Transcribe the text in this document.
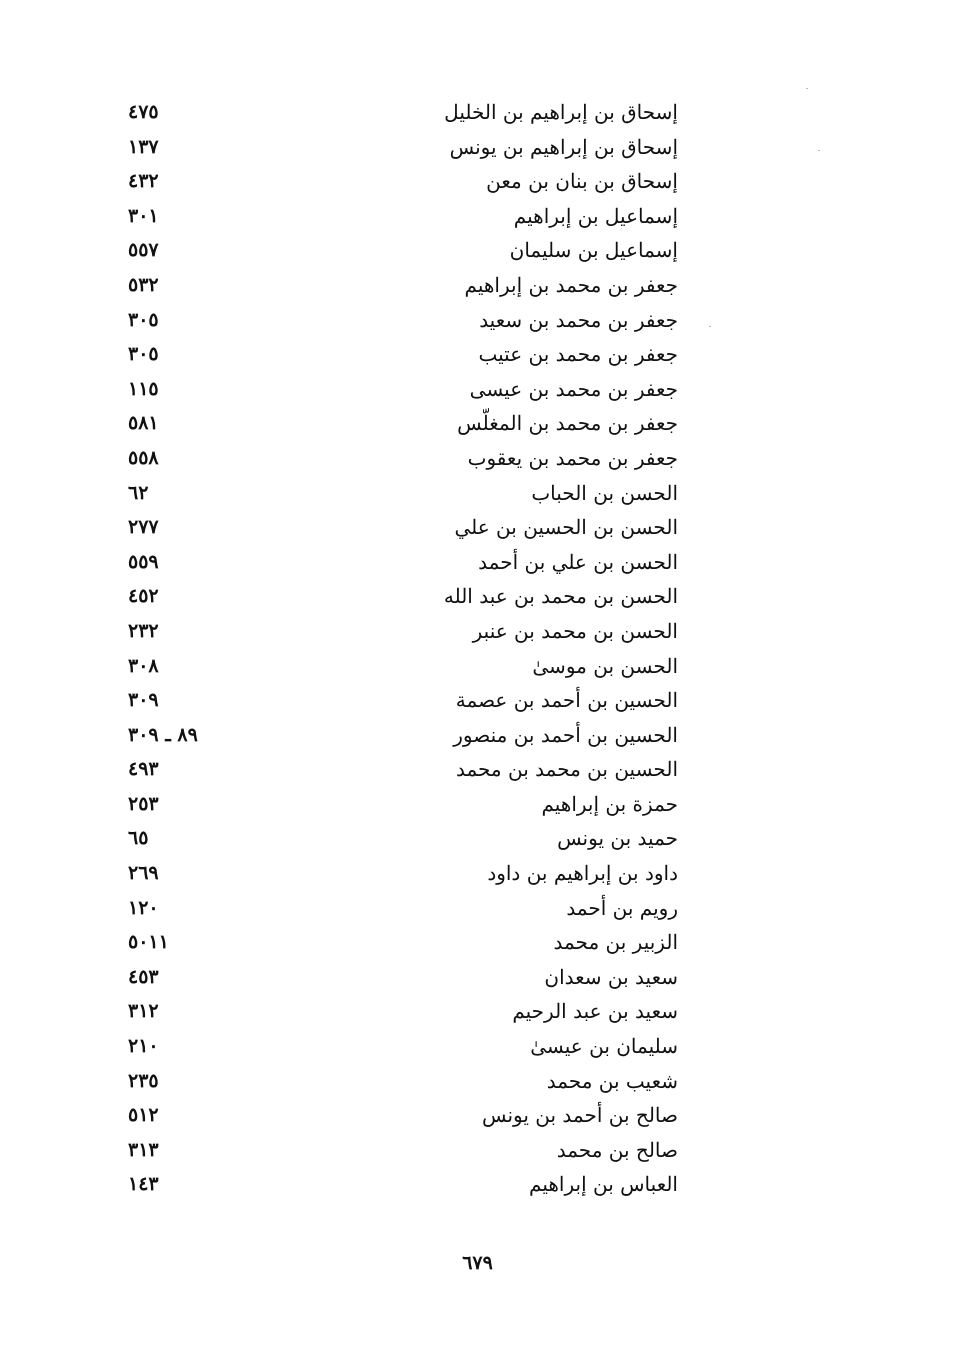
إسحاق بن إبراهيم بن الخليل
٤٧٥
إسحاق بن إبراهيم بن يونس
١٣٧
إسحاق بن بنان بن معن
٤٣٢
إسماعيل بن إبراهيم
٣٠١
إسماعيل بن سليمان
٥٥٧
جعفر بن محمد بن إبراهيم
٥٣٢
جعفر بن محمد بن سعيد
٣٠٥
جعفر بن محمد بن عتيب
٣٠٥
جعفر بن محمد بن عيسى
١١٥
جعفر بن محمد بن المغلّس
٥٨١
جعفر بن محمد بن يعقوب
٥٥٨
الحسن بن الحباب
٦٢
الحسن بن الحسين بن علي
٢٧٧
الحسن بن علي بن أحمد
٥٥٩
الحسن بن محمد بن عبد الله
٤٥٢
الحسن بن محمد بن عنبر
٢٣٢
الحسن بن موسىٰ
٣٠٨
الحسين بن أحمد بن عصمة
٣٠٩
الحسين بن أحمد بن منصور
٨٩ ـ ٣٠٩
الحسين بن محمد بن محمد
٤٩٣
حمزة بن إبراهيم
٢٥٣
حميد بن يونس
٦٥
داود بن إبراهيم بن داود
٢٦٩
رويم بن أحمد
١٢٠
الزبير بن محمد
٥٠١١
سعيد بن سعدان
٤٥٣
سعيد بن عبد الرحيم
٣١٢
سليمان بن عيسىٰ
٢١٠
شعيب بن محمد
٢٣٥
صالح بن أحمد بن يونس
٥١٢
صالح بن محمد
٣١٣
العباس بن إبراهيم
١٤٣
٦٧٩
